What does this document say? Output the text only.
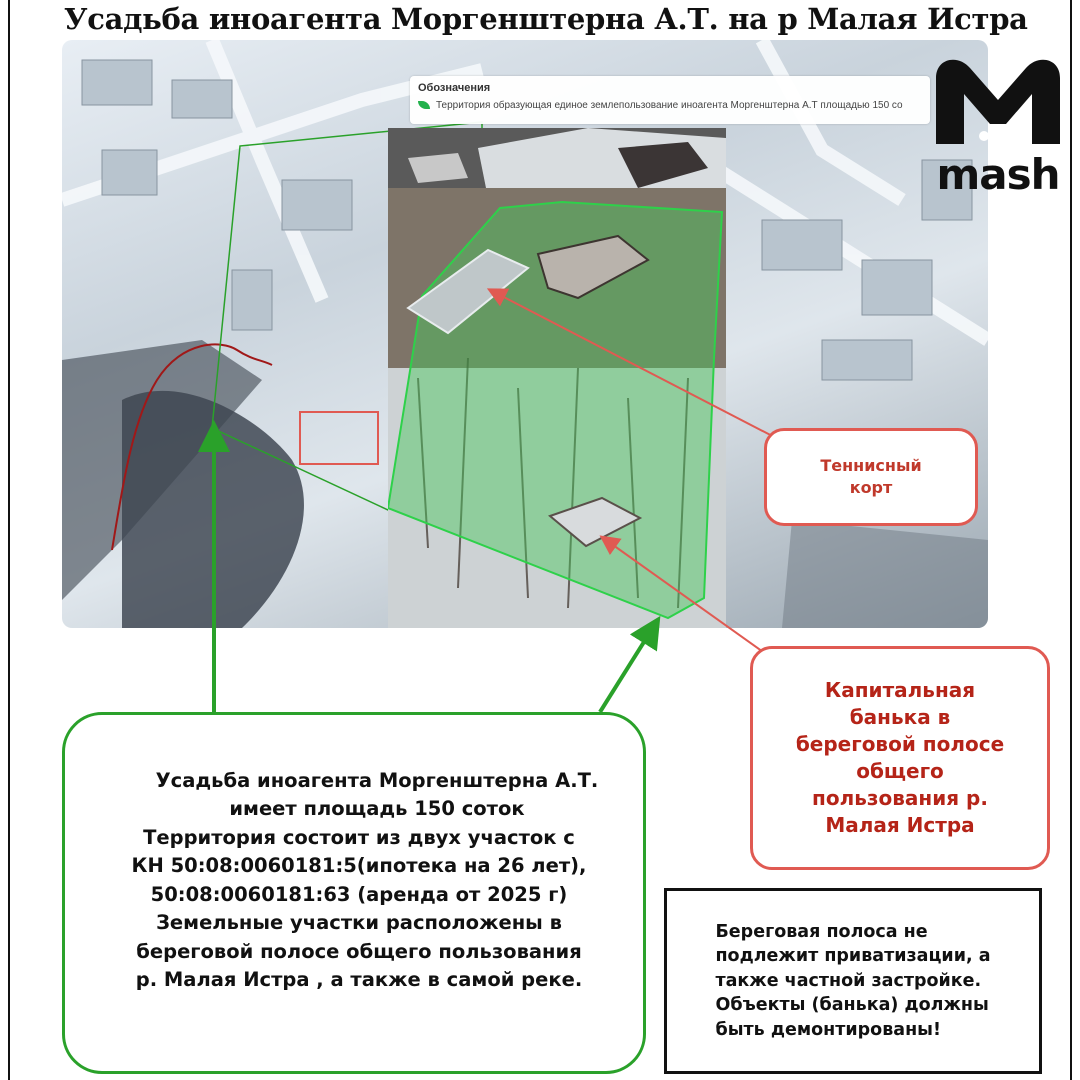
Усадьба иноагента Моргенштерна А.Т. на р Малая Истра
Обозначения
Территория образующая единое землепользование иноагента Моргенштерна А.Т площадью 150 со
mash
Теннисный
корт
Капитальная
банька в
береговой полосе
общего
пользования р.
Малая Истра
Усадьба иноагента Моргенштерна А.Т.
имеет площадь 150 соток
Территория состоит из двух участок с
КН 50:08:0060181:5(ипотека на 26 лет),
50:08:0060181:63 (аренда от 2025 г)
Земельные участки расположены в
береговой полосе общего пользования
р. Малая Истра , а также в самой реке.
Береговая полоса не
подлежит приватизации, а
также частной застройке.
Объекты (банька) должны
быть демонтированы!
